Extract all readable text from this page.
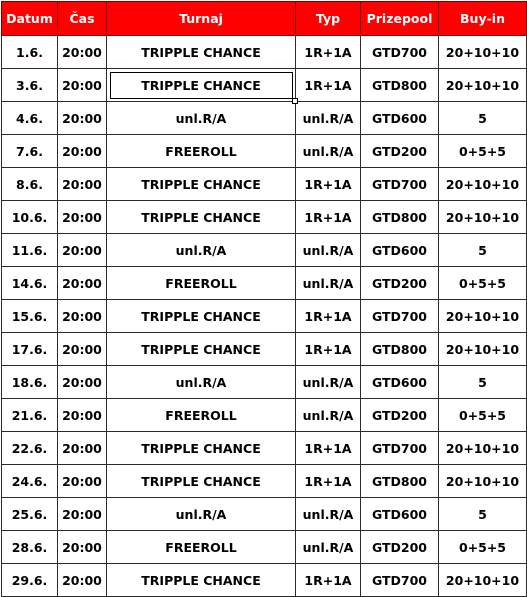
Datum	Čas	Turnaj	Typ	Prizepool	Buy-in
1.6.	20:00	TRIPPLE CHANCE	1R+1A	GTD700	20+10+10
3.6.	20:00	TRIPPLE CHANCE	1R+1A	GTD800	20+10+10
4.6.	20:00	unl.R/A	unl.R/A	GTD600	5
7.6.	20:00	FREEROLL	unl.R/A	GTD200	0+5+5
8.6.	20:00	TRIPPLE CHANCE	1R+1A	GTD700	20+10+10
10.6.	20:00	TRIPPLE CHANCE	1R+1A	GTD800	20+10+10
11.6.	20:00	unl.R/A	unl.R/A	GTD600	5
14.6.	20:00	FREEROLL	unl.R/A	GTD200	0+5+5
15.6.	20:00	TRIPPLE CHANCE	1R+1A	GTD700	20+10+10
17.6.	20:00	TRIPPLE CHANCE	1R+1A	GTD800	20+10+10
18.6.	20:00	unl.R/A	unl.R/A	GTD600	5
21.6.	20:00	FREEROLL	unl.R/A	GTD200	0+5+5
22.6.	20:00	TRIPPLE CHANCE	1R+1A	GTD700	20+10+10
24.6.	20:00	TRIPPLE CHANCE	1R+1A	GTD800	20+10+10
25.6.	20:00	unl.R/A	unl.R/A	GTD600	5
28.6.	20:00	FREEROLL	unl.R/A	GTD200	0+5+5
29.6.	20:00	TRIPPLE CHANCE	1R+1A	GTD700	20+10+10
